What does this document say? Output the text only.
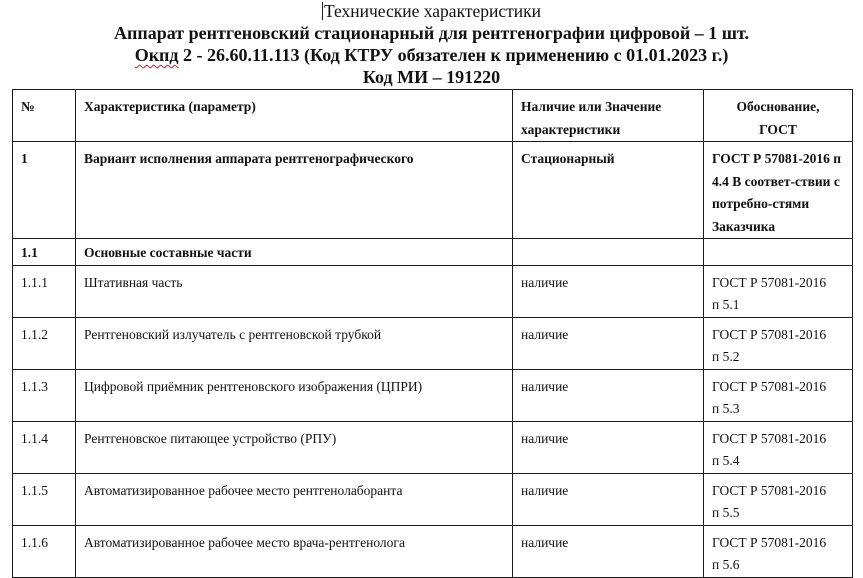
Технические характеристики
Аппарат рентгеновский стационарный для рентгенографии цифровой – 1 шт.
Окпд 2 - 26.60.11.113 (Код КТРУ обязателен к применению с 01.01.2023 г.)
Код МИ – 191220
№	Характеристика (параметр)	Наличие или Значение характеристики	Обоснование,
ГОСТ

1	Вариант исполнения аппарата рентгенографического	Стационарный	ГОСТ Р 57081-2016 п 4.4 В соответ-ствии с потребно-стями Заказчика
1.1	Основные составные части		
1.1.1	Штативная часть	наличие	ГОСТ Р 57081-2016
п 5.1

1.1.2	Рентгеновский излучатель с рентгеновской трубкой	наличие	ГОСТ Р 57081-2016
п 5.2

1.1.3	Цифровой приёмник рентгеновского изображения (ЦПРИ)	наличие	ГОСТ Р 57081-2016
п 5.3

1.1.4	Рентгеновское питающее устройство (РПУ)	наличие	ГОСТ Р 57081-2016
п 5.4

1.1.5	Автоматизированное рабочее место рентгенолаборанта	наличие	ГОСТ Р 57081-2016
п 5.5

1.1.6	Автоматизированное рабочее место врача-рентгенолога	наличие	ГОСТ Р 57081-2016
п 5.6
